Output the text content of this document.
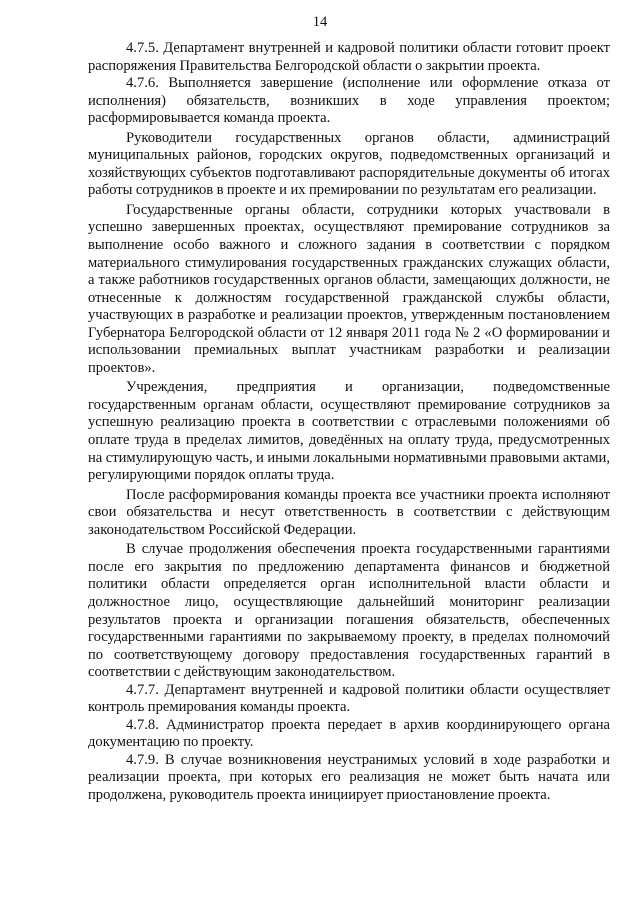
14

4.7.5. Департамент внутренней и кадровой политики области готовит проект распоряжения Правительства Белгородской области о закрытии проекта.

4.7.6. Выполняется завершение (исполнение или оформление отказа от исполнения) обязательств, возникших в ходе управления проектом; расформировывается команда проекта.

Руководители государственных органов области, администраций муниципальных районов, городских округов, подведомственных организаций и хозяйствующих субъектов подготавливают распорядительные документы об итогах работы сотрудников в проекте и их премировании по результатам его реализации.

Государственные органы области, сотрудники которых участвовали в успешно завершенных проектах, осуществляют премирование сотрудников за выполнение особо важного и сложного задания в соответствии с порядком материального стимулирования государственных гражданских служащих области, а также работников государственных органов области, замещающих должности, не отнесенные к должностям государственной гражданской службы области, участвующих в разработке и реализации проектов, утвержденным постановлением Губернатора Белгородской области от 12 января 2011 года № 2 «О формировании и использовании премиальных выплат участникам разработки и реализации проектов».

Учреждения, предприятия и организации, подведомственные государственным органам области, осуществляют премирование сотрудников за успешную реализацию проекта в соответствии с отраслевыми положениями об оплате труда в пределах лимитов, доведённых на оплату труда, предусмотренных на стимулирующую часть, и иными локальными нормативными правовыми актами, регулирующими порядок оплаты труда.

После расформирования команды проекта все участники проекта исполняют свои обязательства и несут ответственность в соответствии с действующим законодательством Российской Федерации.

В случае продолжения обеспечения проекта государственными гарантиями после его закрытия по предложению департамента финансов и бюджетной политики области определяется орган исполнительной власти области и должностное лицо, осуществляющие дальнейший мониторинг реализации результатов проекта и организации погашения обязательств, обеспеченных государственными гарантиями по закрываемому проекту, в пределах полномочий по соответствующему договору предоставления государственных гарантий в соответствии с действующим законодательством.

4.7.7. Департамент внутренней и кадровой политики области осуществляет контроль премирования команды проекта.

4.7.8. Администратор проекта передает в архив координирующего органа документацию по проекту.

4.7.9. В случае возникновения неустранимых условий в ходе разработки и реализации проекта, при которых его реализация не может быть начата или продолжена, руководитель проекта инициирует приостановление проекта.
